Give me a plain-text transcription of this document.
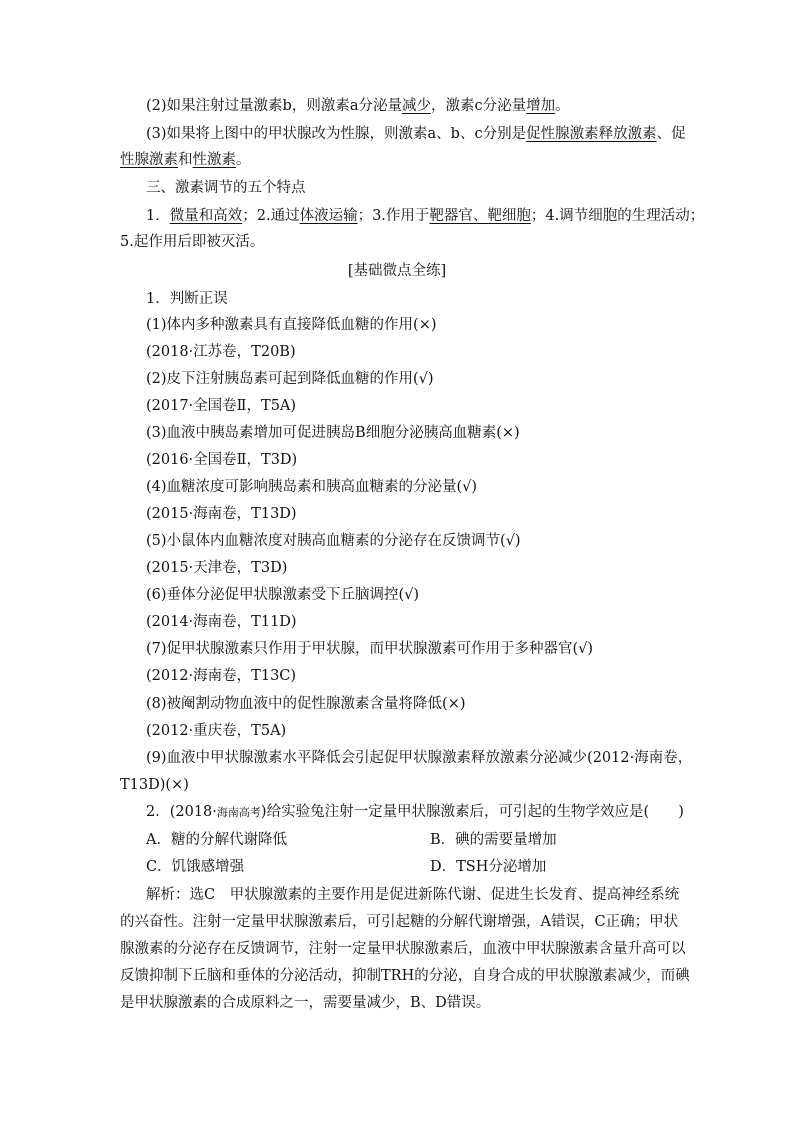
(2)如果注射过量激素b，则激素a分泌量减少，激素c分泌量增加。
(3)如果将上图中的甲状腺改为性腺，则激素a、b、c分别是促性腺激素释放激素、促
性腺激素和性激素。
三、激素调节的五个特点
1．微量和高效；2.通过体液运输；3.作用于靶器官、靶细胞；4.调节细胞的生理活动；
5.起作用后即被灭活。
[基础微点全练]
1．判断正误
(1)体内多种激素具有直接降低血糖的作用(×)
(2018·江苏卷，T20B)
(2)皮下注射胰岛素可起到降低血糖的作用(√)
(2017·全国卷Ⅱ，T5A)
(3)血液中胰岛素增加可促进胰岛B细胞分泌胰高血糖素(×)
(2016·全国卷Ⅱ，T3D)
(4)血糖浓度可影响胰岛素和胰高血糖素的分泌量(√)
(2015·海南卷，T13D)
(5)小鼠体内血糖浓度对胰高血糖素的分泌存在反馈调节(√)
(2015·天津卷，T3D)
(6)垂体分泌促甲状腺激素受下丘脑调控(√)
(2014·海南卷，T11D)
(7)促甲状腺激素只作用于甲状腺，而甲状腺激素可作用于多种器官(√)
(2012·海南卷，T13C)
(8)被阉割动物血液中的促性腺激素含量将降低(×)
(2012·重庆卷，T5A)
(9)血液中甲状腺激素水平降低会引起促甲状腺激素释放激素分泌减少(2012·海南卷，
T13D)(×)
2．(2018·海南高考)给实验兔注射一定量甲状腺激素后，可引起的生物学效应是(　　)
A．糖的分解代谢降低	B．碘的需要量增加
C．饥饿感增强	D．TSH分泌增加
解析：选C　甲状腺激素的主要作用是促进新陈代谢、促进生长发育、提高神经系统
的兴奋性。注射一定量甲状腺激素后，可引起糖的分解代谢增强，A错误，C正确；甲状
腺激素的分泌存在反馈调节，注射一定量甲状腺激素后，血液中甲状腺激素含量升高可以
反馈抑制下丘脑和垂体的分泌活动，抑制TRH的分泌，自身合成的甲状腺激素减少，而碘
是甲状腺激素的合成原料之一，需要量减少，B、D错误。
